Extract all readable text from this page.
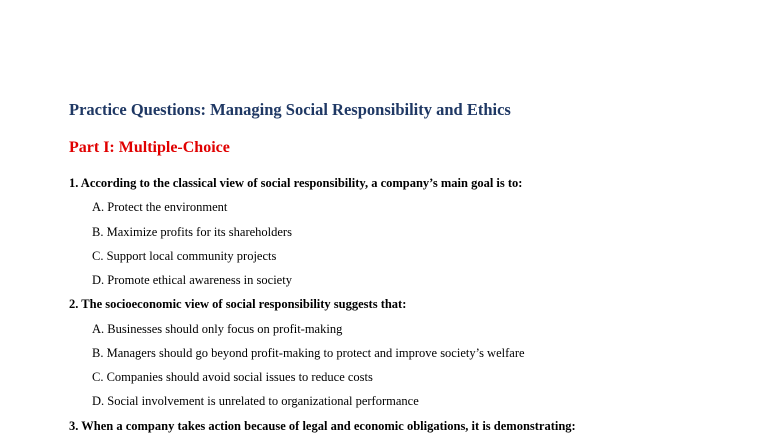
Practice Questions: Managing Social Responsibility and Ethics
Part I: Multiple-Choice
1. According to the classical view of social responsibility, a company’s main goal is to:
A. Protect the environment
B. Maximize profits for its shareholders
C. Support local community projects
D. Promote ethical awareness in society
2. The socioeconomic view of social responsibility suggests that:
A. Businesses should only focus on profit-making
B. Managers should go beyond profit-making to protect and improve society’s welfare
C. Companies should avoid social issues to reduce costs
D. Social involvement is unrelated to organizational performance
3. When a company takes action because of legal and economic obligations, it is demonstrating:
